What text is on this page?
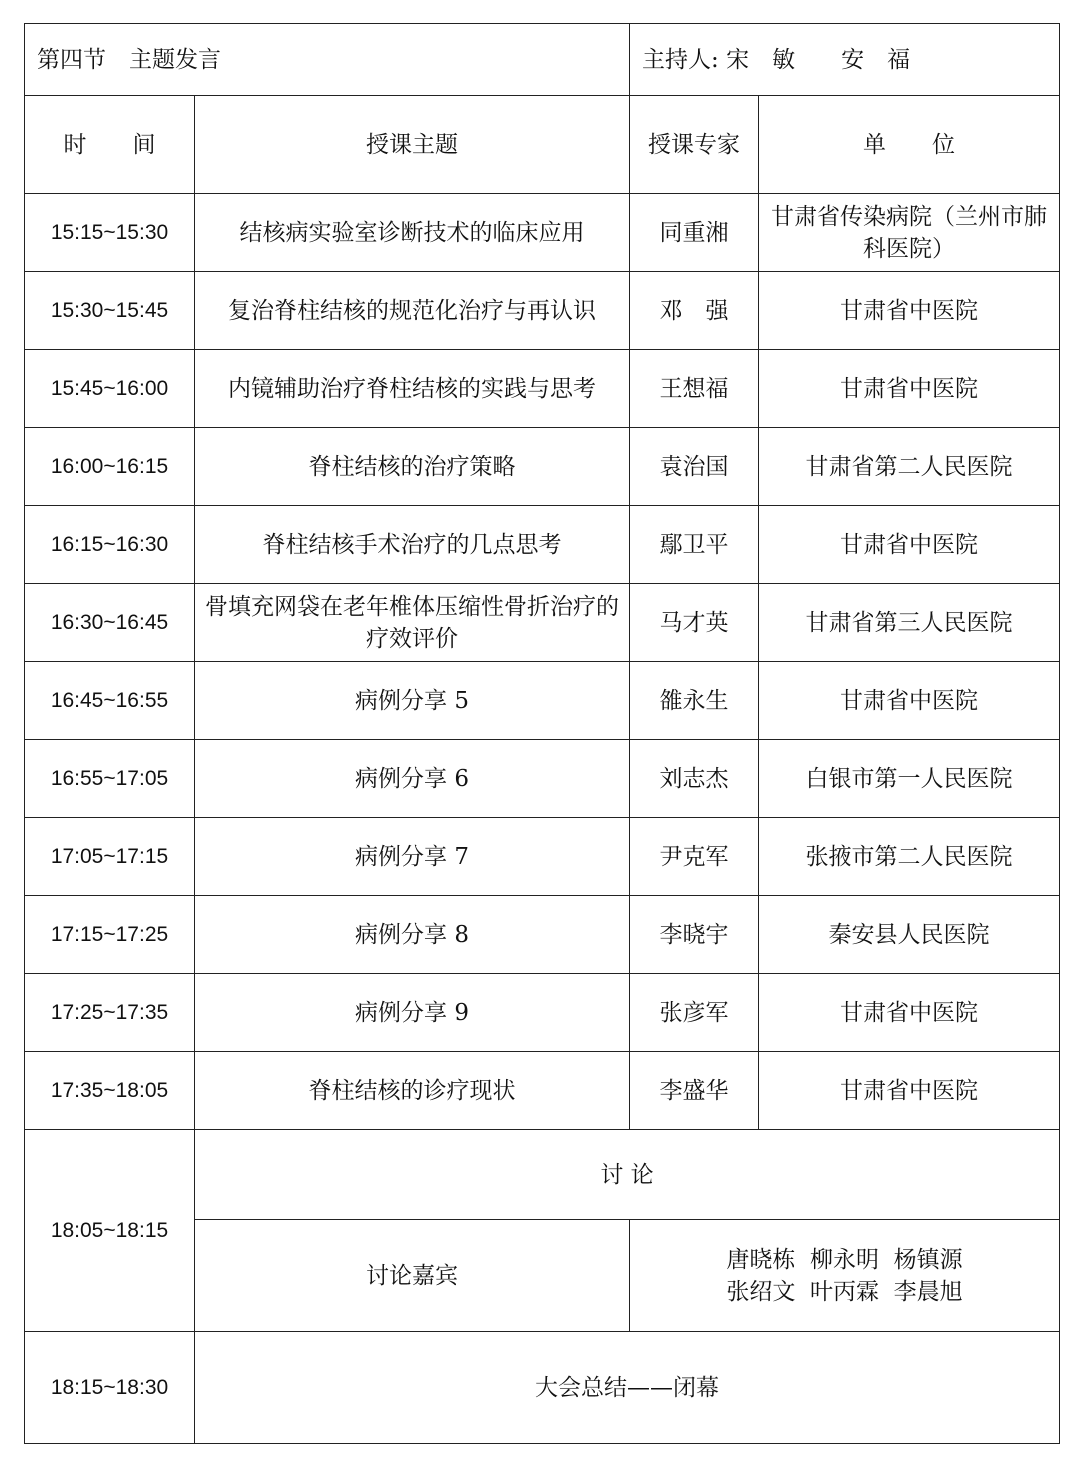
第四节　主题发言		主持人: 宋　敏　　安　福	
时　　间	授课主题	授课专家	单　　位
15:15~15:30	结核病实验室诊断技术的临床应用	同重湘	甘肃省传染病院（兰州市肺科医院）
15:30~15:45	复治脊柱结核的规范化治疗与再认识	邓　强	甘肃省中医院
15:45~16:00	内镜辅助治疗脊柱结核的实践与思考	王想福	甘肃省中医院
16:00~16:15	脊柱结核的治疗策略	袁治国	甘肃省第二人民医院
16:15~16:30	脊柱结核手术治疗的几点思考	鄢卫平	甘肃省中医院
16:30~16:45	骨填充网袋在老年椎体压缩性骨折治疗的疗效评价	马才英	甘肃省第三人民医院
16:45~16:55	病例分享 5	雒永生	甘肃省中医院
16:55~17:05	病例分享 6	刘志杰	白银市第一人民医院
17:05~17:15	病例分享 7	尹克军	张掖市第二人民医院
17:15~17:25	病例分享 8	李晓宇	秦安县人民医院
17:25~17:35	病例分享 9	张彦军	甘肃省中医院
17:35~18:05	脊柱结核的诊疗现状	李盛华	甘肃省中医院
18:05~18:15	讨 论		
	讨论嘉宾	唐晓栋  柳永明  杨镇源
张绍文  叶丙霖  李晨旭	

18:15~18:30	大会总结——闭幕		
